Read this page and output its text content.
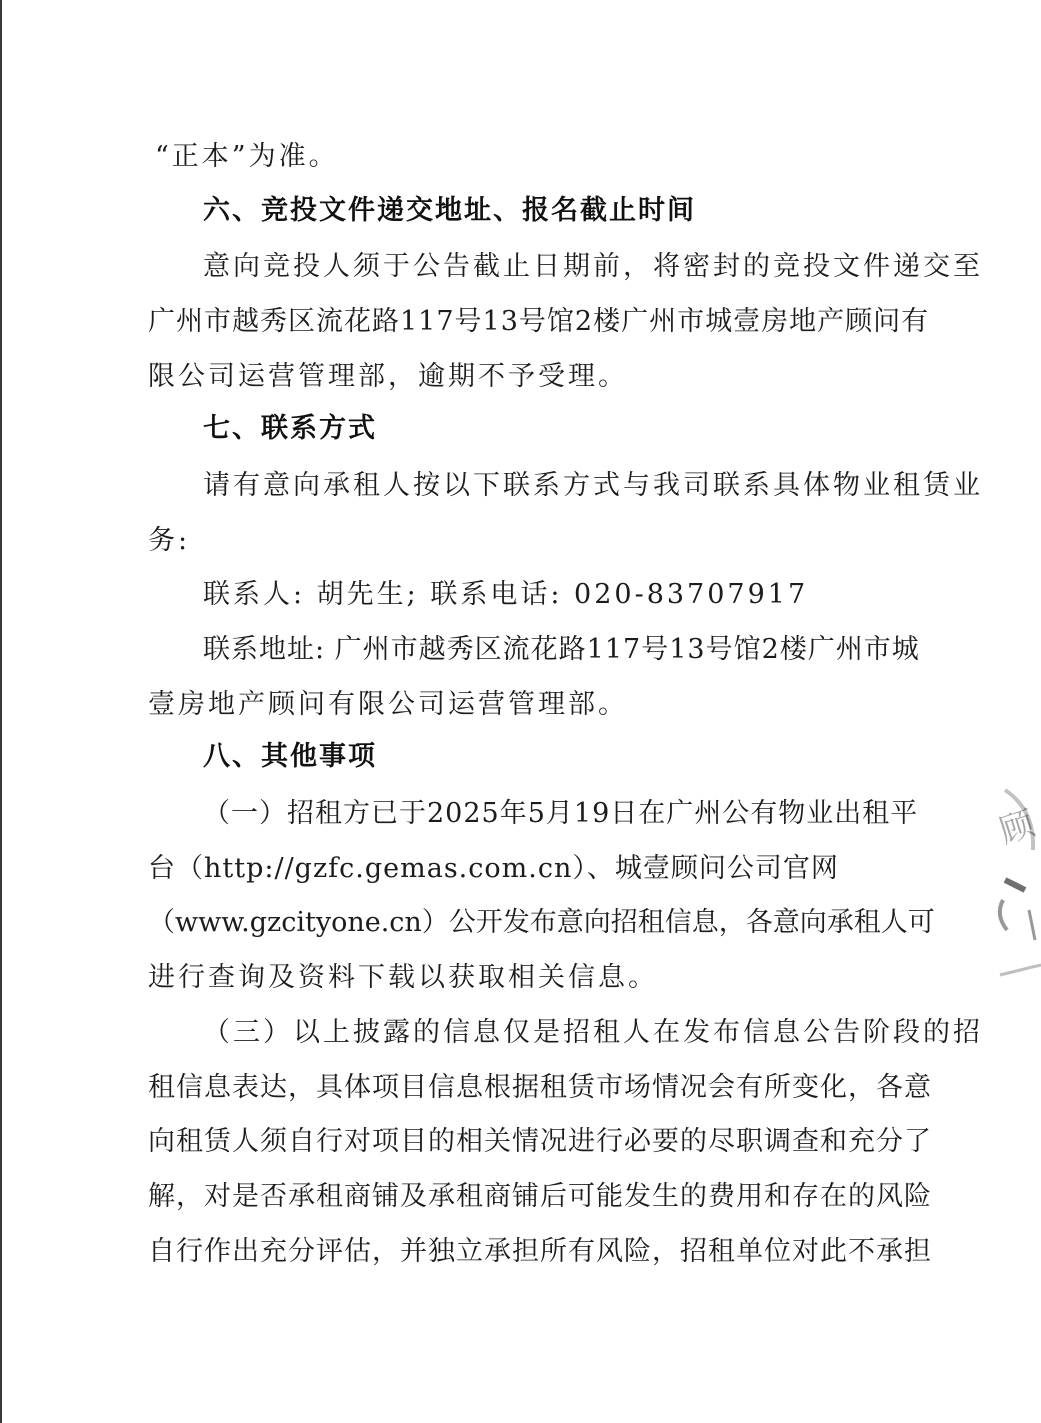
“正本”为准。
六、竞投文件递交地址、报名截止时间
意向竞投人须于公告截止日期前，将密封的竞投文件递交至
广州市越秀区流花路117号13号馆2楼广州市城壹房地产顾问有
限公司运营管理部，逾期不予受理。
七、联系方式
请有意向承租人按以下联系方式与我司联系具体物业租赁业
务:
联系人: 胡先生; 联系电话: 020-83707917
联系地址: 广州市越秀区流花路117号13号馆2楼广州市城
壹房地产顾问有限公司运营管理部。
八、其他事项
（一）招租方已于2025年5月19日在广州公有物业出租平
台（http://gzfc.gemas.com.cn）、城壹顾问公司官网
（www.gzcityone.cn）公开发布意向招租信息，各意向承租人可
进行查询及资料下载以获取相关信息。
（三）以上披露的信息仅是招租人在发布信息公告阶段的招
租信息表达，具体项目信息根据租赁市场情况会有所变化，各意
向租赁人须自行对项目的相关情况进行必要的尽职调查和充分了
解，对是否承租商铺及承租商铺后可能发生的费用和存在的风险
自行作出充分评估，并独立承担所有风险，招租单位对此不承担
顾
